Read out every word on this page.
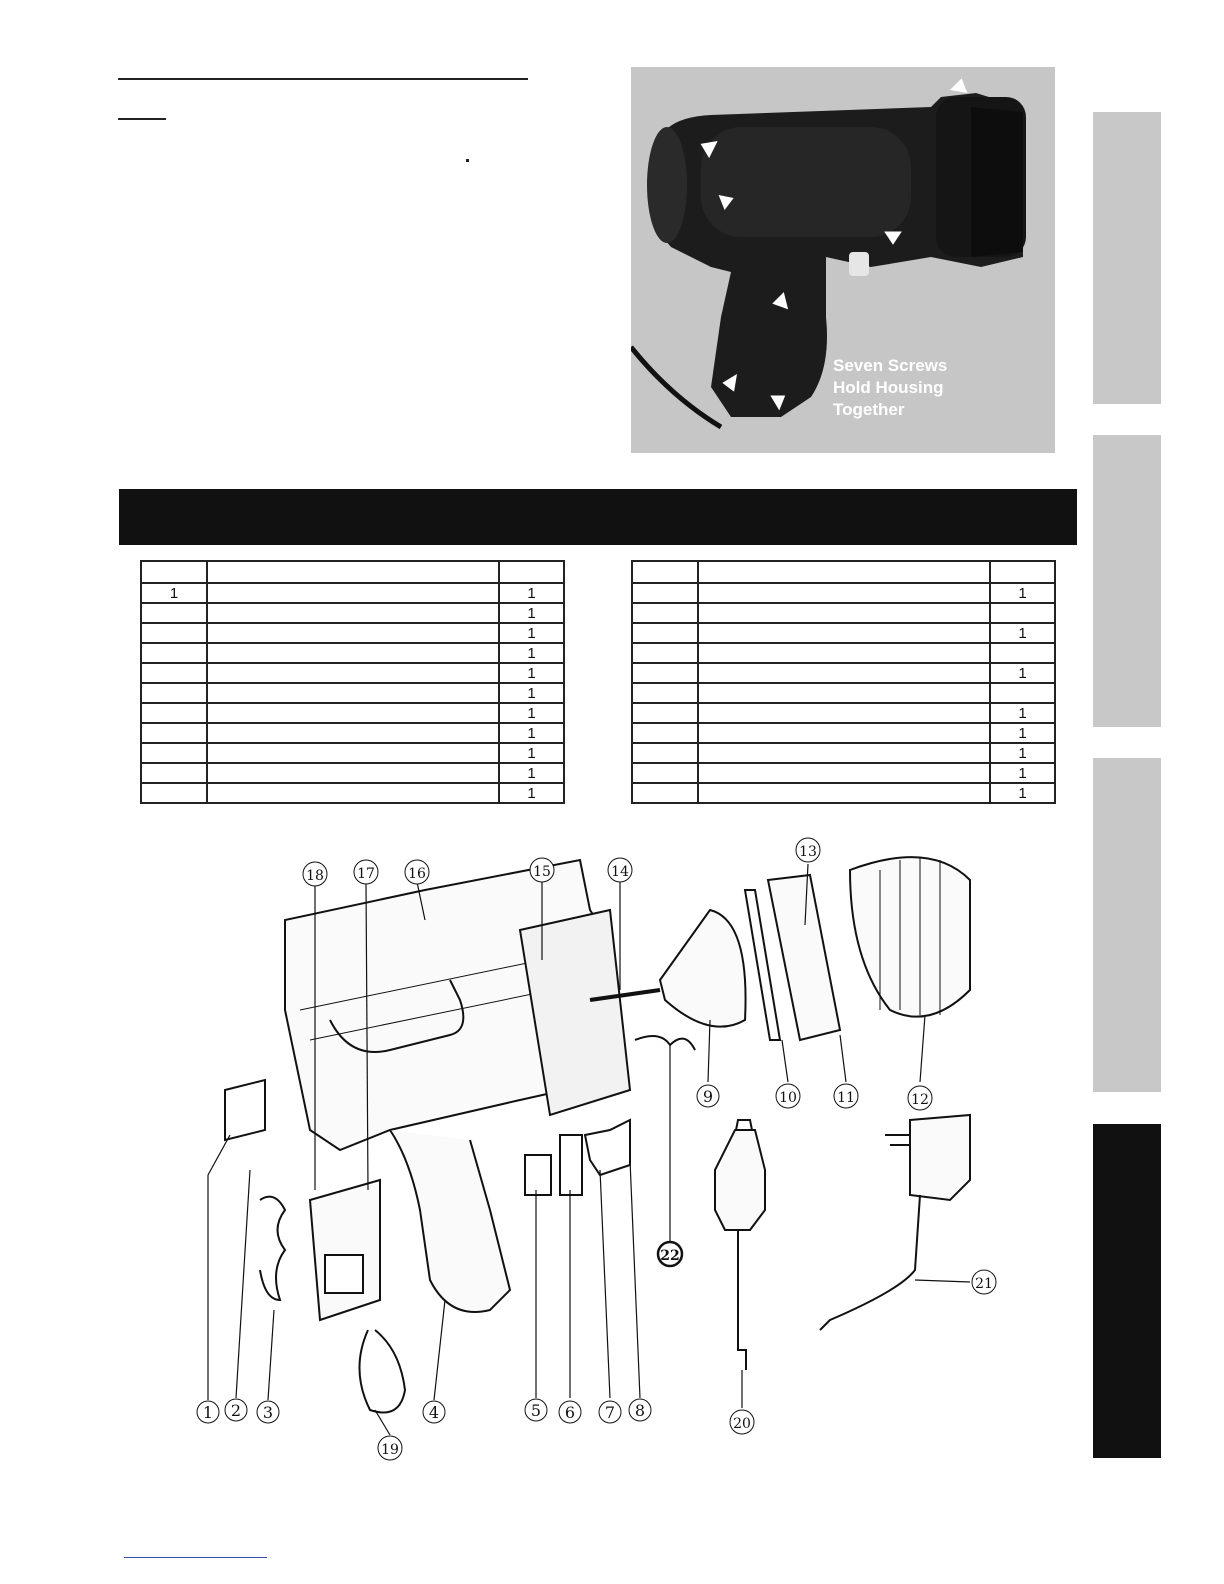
Seven Screws
Hold Housing
Together

1		1
		1
		1
		1
		1
		1
		1
		1
		1
		1
		1

		1

		1

		1

		1
		1
		1
		1
		1
1 2 3	4	5 6 7 8
9	10	11	12
13
14
15
16
17
18
19
20
21
22
